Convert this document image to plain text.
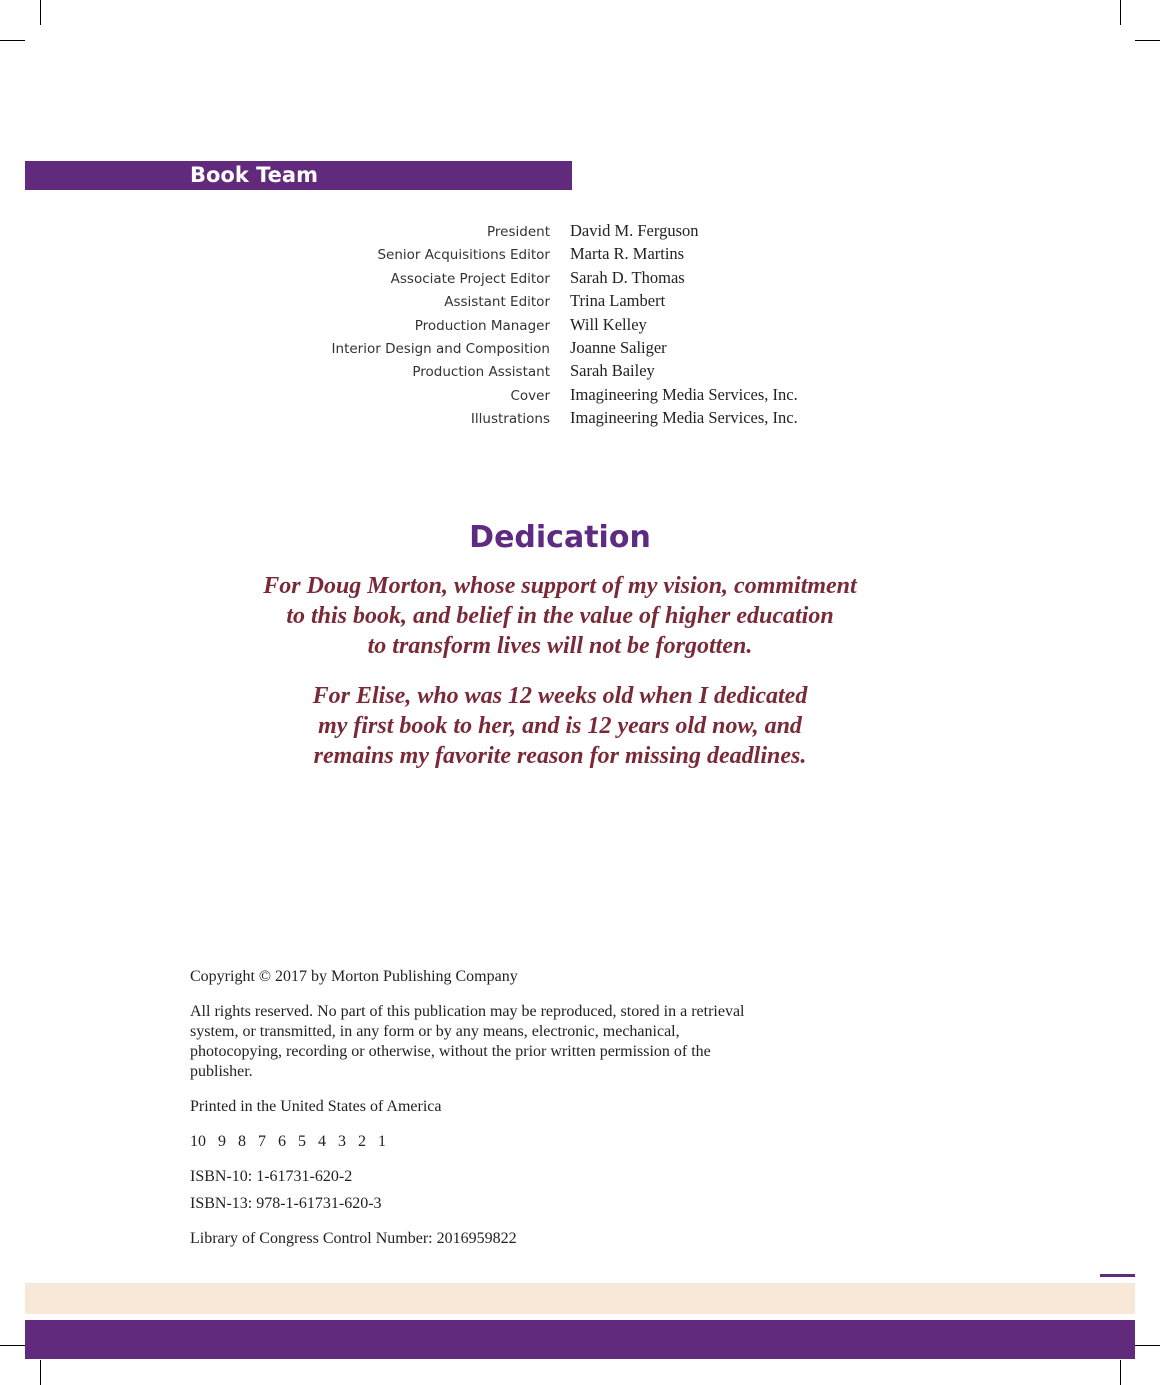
Book Team
President David M. Ferguson
Senior Acquisitions Editor Marta R. Martins
Associate Project Editor Sarah D. Thomas
Assistant Editor Trina Lambert
Production Manager Will Kelley
Interior Design and Composition Joanne Saliger
Production Assistant Sarah Bailey
Cover Imagineering Media Services, Inc.
Illustrations Imagineering Media Services, Inc.
Dedication
For Doug Morton, whose support of my vision, commitment
to this book, and belief in the value of higher education
to transform lives will not be forgotten.
For Elise, who was 12 weeks old when I dedicated
my first book to her, and is 12 years old now, and
remains my favorite reason for missing deadlines.
Copyright © 2017 by Morton Publishing Company
All rights reserved. No part of this publication may be reproduced, stored in a retrieval system, or transmitted, in any form or by any means, electronic, mechanical, photocopying, recording or otherwise, without the prior written permission of the publisher.
Printed in the United States of America
10 9 8 7 6 5 4 3 2 1
ISBN-10: 1-61731-620-2
ISBN-13: 978-1-61731-620-3
Library of Congress Control Number: 2016959822
